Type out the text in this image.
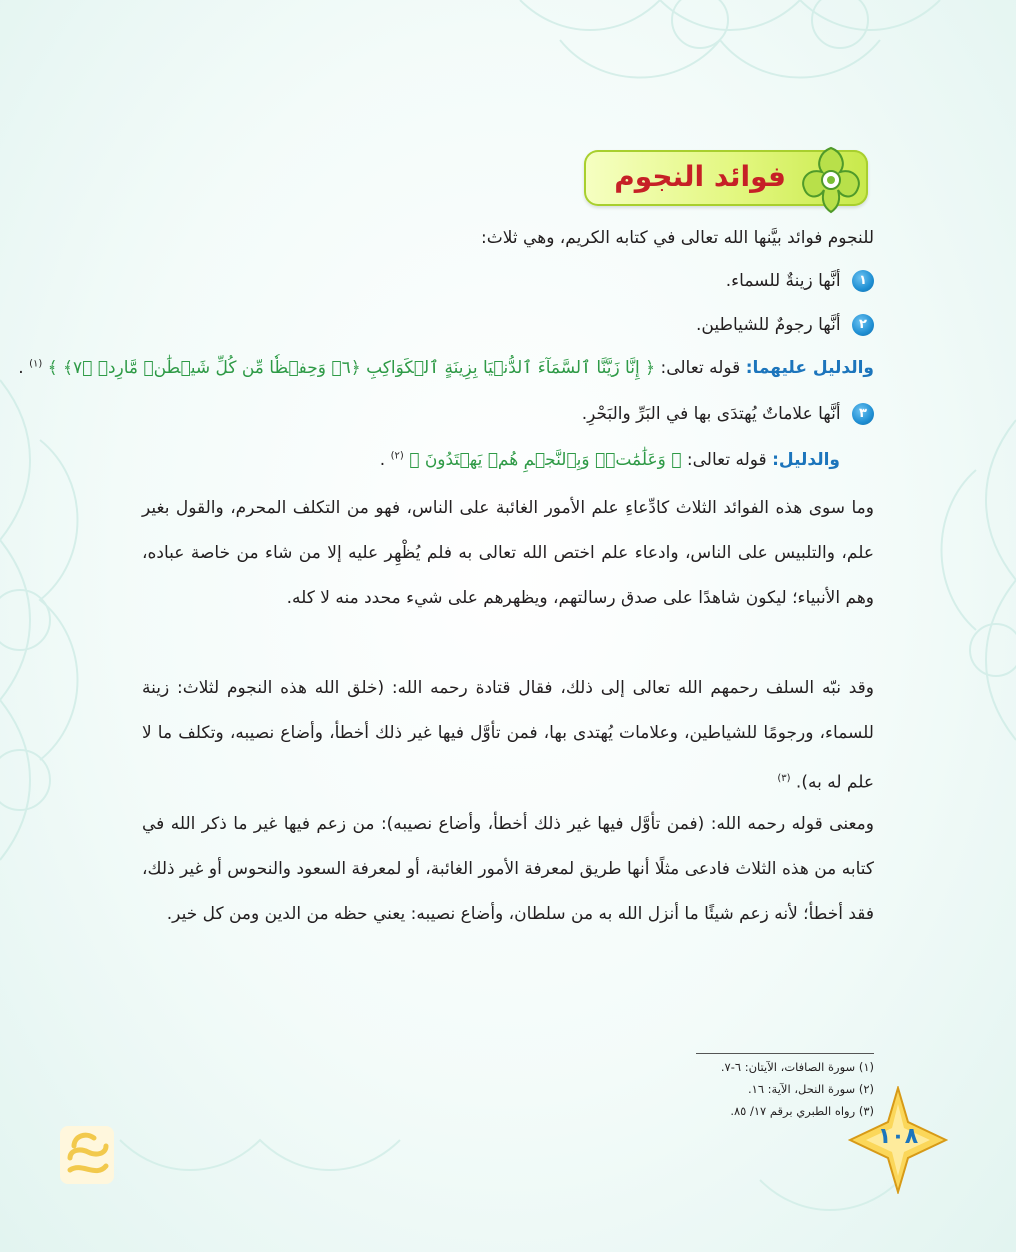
فوائد النجوم
للنجوم فوائد بيَّنها الله تعالى في كتابه الكريم، وهي ثلاث:
١ أنَّها زينةٌ للسماء.
٢ أنَّها رجومٌ للشياطين.
والدليل عليهما: قوله تعالى: ﴿ إِنَّا زَيَّنَّا ٱلسَّمَآءَ ٱلدُّنۡيَا بِزِينَةٍ ٱلۡكَوَاكِبِ ﴿٦﴾ وَحِفۡظٗا مِّن كُلِّ شَيۡطَٰنٖ مَّارِدٖ ﴿٧﴾ ﴾ $^{(١)}$ .
٣ أنَّها علاماتٌ يُهتدَى بها في البَرِّ والبَحْرِ.
والدليل: قوله تعالى: ﴿ وَعَلَٰمَٰتٖۚ وَبِٱلنَّجۡمِ هُمۡ يَهۡتَدُونَ ﴾ $^{(٢)}$ .
وما سوى هذه الفوائد الثلاث كادِّعاءِ علم الأمور الغائبة على الناس، فهو من التكلف المحرم، والقول بغير علم، والتلبيس على الناس، وادعاء علم اختص الله تعالى به فلم يُظْهِر عليه إلا من شاء من خاصة عباده، وهم الأنبياء؛ ليكون شاهدًا على صدق رسالتهم، ويظهرهم على شيء محدد منه لا كله.
وقد نبّه السلف رحمهم الله تعالى إلى ذلك، فقال قتادة رحمه الله: (خلق الله هذه النجوم لثلاث: زينة للسماء، ورجومًا للشياطين، وعلامات يُهتدى بها، فمن تأوَّل فيها غير ذلك أخطأ، وأضاع نصيبه، وتكلف ما لا علم له به). $^{(٣)}$
ومعنى قوله رحمه الله: (فمن تأوَّل فيها غير ذلك أخطأ، وأضاع نصيبه): من زعم فيها غير ما ذكر الله في كتابه من هذه الثلاث فادعى مثلًا أنها طريق لمعرفة الأمور الغائبة، أو لمعرفة السعود والنحوس أو غير ذلك، فقد أخطأ؛ لأنه زعم شيئًا ما أنزل الله به من سلطان، وأضاع نصيبه: يعني حظه من الدين ومن كل خير.
(١) سورة الصافات، الآيتان: ٦-٧.
(٢) سورة النحل، الآية: ١٦.
(٣) رواه الطبري برقم ١٧/ ٨٥.
١٠٨
